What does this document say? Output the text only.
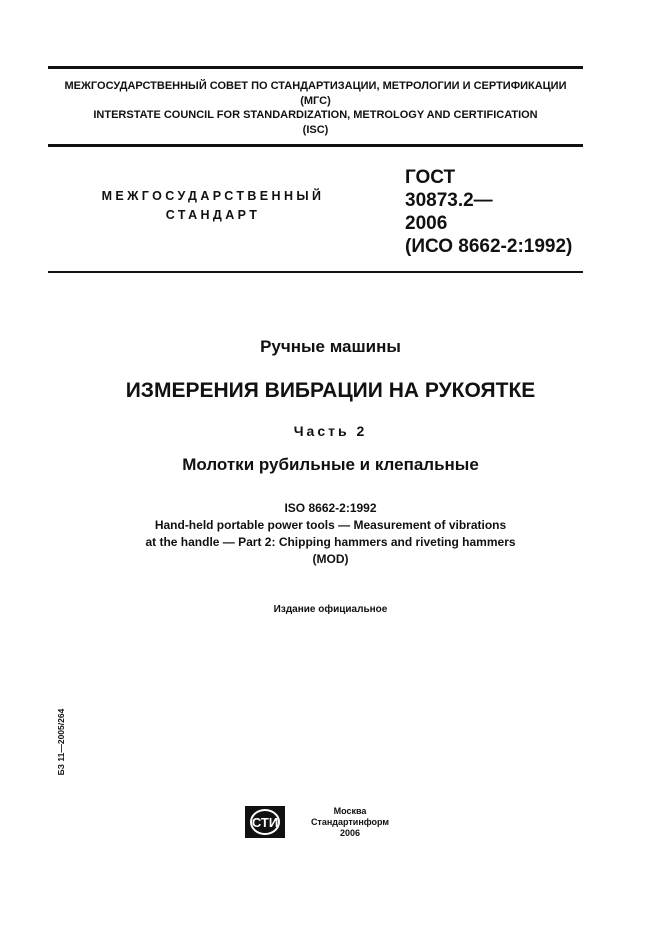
МЕЖГОСУДАРСТВЕННЫЙ СОВЕТ ПО СТАНДАРТИЗАЦИИ, МЕТРОЛОГИИ И СЕРТИФИКАЦИИ
(МГС)
INTERSTATE COUNCIL FOR STANDARDIZATION, METROLOGY AND CERTIFICATION
(ISC)
МЕЖГОСУДАРСТВЕННЫЙ
СТАНДАРТ
ГОСТ
30873.2—
2006
(ИСО 8662-2:1992)
Ручные машины
ИЗМЕРЕНИЯ ВИБРАЦИИ НА РУКОЯТКЕ
Часть 2
Молотки рубильные и клепальные
ISO 8662-2:1992
Hand-held portable power tools — Measurement of vibrations
at the handle — Part 2: Chipping hammers and riveting hammers
(MOD)
Издание официальное
БЗ 11—2005/264
СТИ
Москва
Стандартинформ
2006
